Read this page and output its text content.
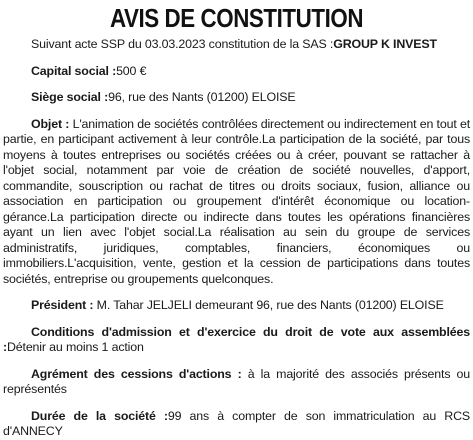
AVIS DE CONSTITUTION

Suivant acte SSP du 03.03.2023 constitution de la SAS :GROUP K INVEST

Capital social :500 €

Siège social :96, rue des Nants (01200) ELOISE

Objet : L'animation de sociétés contrôlées directement ou indirectement en tout et partie, en participant activement à leur contrôle.La participation de la société, par tous moyens à toutes entreprises ou sociétés créées ou à créer, pouvant se rattacher à l'objet social, notamment par voie de création de société nouvelles, d'apport, commandite, souscription ou rachat de titres ou droits sociaux, fusion, alliance ou association en participation ou groupement d'intérêt économique ou location-gérance.La participation directe ou indirecte dans toutes les opérations financières ayant un lien avec l'objet social.La réalisation au sein du groupe de services administratifs, juridiques, comptables, financiers, économiques ou immobiliers.L'acquisition, vente, gestion et la cession de participations dans toutes sociétés, entreprise ou groupements quelconques.

Président : M. Tahar JELJELI demeurant 96, rue des Nants (01200) ELOISE

Conditions d'admission et d'exercice du droit de vote aux assemblées :Détenir au moins 1 action

Agrément des cessions d'actions : à la majorité des associés présents ou représentés

Durée de la société :99 ans à compter de son immatriculation au RCS d'ANNECY
